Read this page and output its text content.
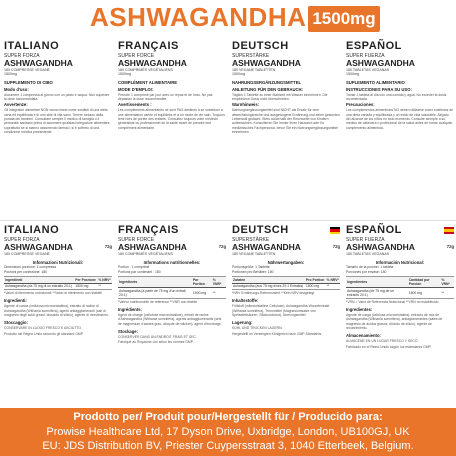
ASHWAGANDHA 1500mg
ITALIANO
SUPER FORZA
ASHWAGANDHA
180 COMPRESSE VEGANE
1500mg
SUPPLEMENTO DI CIBO
Modo d'uso:
Assumere 1 compressa al giorno con un pasto e acqua. Non superare la dose raccomandata.
Avvertenze:
Gli integratori alimentari NON vanno intesi come sostituti di una dieta varia ed equilibrata e di uno stile di vita sano. Tenere lontano dalla portata dei bambini. Consultare sempre il medico di famiglia o il personale sanitario prima di assumere qualsiasi integratore alimentare, soprattutto se si stanno assumendo farmaci, si è sofferto di una condizione medica preesistente.
FRANÇAIS
SUPER FORCE
ASHWAGANDHA
180 COMPRIMÉS VÉGÉTALIENS
1500mg
COMPLÉMENT ALIMENTAIRE
MODE D'EMPLOI:
Prendre 1 comprimé par jour avec un repas et de l'eau. Ne pas dépasser la dose recommandée.
Avertissements :
Les compléments alimentaires ne sont PAS destinés à se substituer à une alimentation variée et équilibrée et à un mode de vie sain. Toujours tenir hors de portée des enfants. Consultez toujours votre médecin généraliste ou professionnel de la santé avant de prendre tout complément alimentaire.
DEUTSCH
SUPERSTÄRKE
ASHWAGANDHA
180 VEGANE TABLETTEN
1500mg
NAHRUNGSERGÄNZUNGSMITTEL
ANLEITUNG FÜR DEN GEBRAUCH:
Täglich 1 Tablette zu einer Mahlzeit mit Wasser einnehmen. Die empfohlene Dosis nicht überschreiten.
Warnhinweis:
Nahrungsergänzungsmittel sind NICHT als Ersatz für eine abwechslungsreiche und ausgewogene Ernährung und einen gesunden Lebensstil gedacht. Stets außerhalb der Reichweite von Kindern aufbewahren. Konsultieren Sie immer Ihren Hausarzt oder Ihr medizinisches Fachpersonal, bevor Sie ein Nahrungsergänzungsmittel einnehmen.
ESPAÑOL
SUPER FUERZA
ASHWAGANDHA
180 TABLETAS VEGANAS
1500mg
SUPLEMENTO ALIMENTARIO
INSTRUCCIONES PARA SU USO:
Tomar 1 tableta al día con una comida y agua. No exceder la dosis recomendada.
Precauciones:
Los complementos alimenticios NO deben utilizarse como sustitutos de una dieta variada y equilibrada y un estilo de vida saludable. Alejado del alcance de los niños en todo momento. Consulte siempre a su médico de cabecera o profesional de la salud antes de tomar cualquier complemento alimenticio.
ITALIANO
SUPER FORZA
ASHWAGANDHA
180 COMPRESSE VEGANE
72g
Informazioni Nutrizionali:
Dimensioni porzione: 1 compressa
Porzioni per confezione: 180
Ingredienti	Per Porzione	% NRV*
Ashwagandha (da 75 mg di un estratto 20:1)	1500 mg	**
*Valori di riferimento nutrizionali **Valori di riferimento non stabiliti
Ingredienti:
Agente di carica (cellulosa microcristallina), estratto di radice di Ashwagandha (Withania somnifera), agenti antiagglomeranti (sali di magnesio degli acidi grassi, biossido di silicio), agente di rivestimento.
Stoccaggio:
CONSERVARE IN LUOGO FRESCO E ASCIUTTO.
Prodotto nel Regno Unito secondo gli standard GMP.
FRANÇAIS
SUPER FORCE
ASHWAGANDHA
180 COMPRIMÉS VÉGÉTALIENS
72g
Informations nutritionnelles:
Portion : 1 comprimé
Portions par contenant : 180
Ingrédients	Par Portion	% VNR*
Ashwagandha (à partir de 75 mg d'un extrait 20:1)	1500 mg	**
*Valeur nutritionnelle de référence **VNR non établie
Ingrédients:
Agent de charge (cellulose microcristalline), extrait de racine d'Ashwagandha (Withania somnifera), agents antiagglomérants (sels de magnésium d'acides gras, dioxyde de silicium), agent d'enrobage.
Stockage:
CONSERVER DANS UN ENDROIT FRAIS ET SEC.
Fabriqué au Royaume-Uni selon les normes GMP.
DEUTSCH
SUPERSTÄRKE
ASHWAGANDHA
180 VEGANE TABLETTEN
72g
Nährwertangaben:
Portionsgröße: 1 Tablette
Portionen pro Behälter: 180
Zutaten	Pro Portion	% NRV*
Ashwagandha (aus 75 mg eines 20:1 Extrakts)	1500 mg	**
*NRV Ernährungs-Referenzwert **Kein NRV festgelegt
Inhaltsstoffe:
Füllstoff (mikrokristalline Cellulose), Ashwagandha-Wurzelextrakt (Withania somnifera), Trennmittel (Magnesiumsalze von Speisefettsäuren, Siliciumdioxid), Überzugsmittel.
Lagerung:
KÜHL UND TROCKEN LAGERN.
Hergestellt im Vereinigten Königreich nach GMP-Standards.
ESPAÑOL
SUPER FUERZA
ASHWAGANDHA
180 TABLETAS VEGANAS
72g
Información Nutricional:
Tamaño de la porción: 1 tableta
Porciones por envase: 180
Ingredientes	Cantidad por Porción	% VRN*
Ashwagandha (de 75 mg de un extracto 20:1)	1500 mg	**
*VRN = Valor de Referencia Nutricional **VRN no establecido
Ingredientes:
Agente de carga (celulosa microcristalina), extracto de raíz de Ashwagandha (Withania somnifera), antiaglomerantes (sales de magnesio de ácidos grasos, dióxido de silicio), agente de recubrimiento.
Almacenamiento:
ALMACENE EN UN LUGAR FRESCO Y SECO.
Fabricado en el Reino Unido según los estándares GMP.
Prodotto per/ Produit pour/Hergestellt für / Producido para:
Prowise Healthcare Ltd, 17 Dyson Drive, Uxbridge, London, UB100GJ, UK
EU: JDS Distribution BV, Priester Cuypersstraat 3, 1040 Etterbeek, Belgium.
